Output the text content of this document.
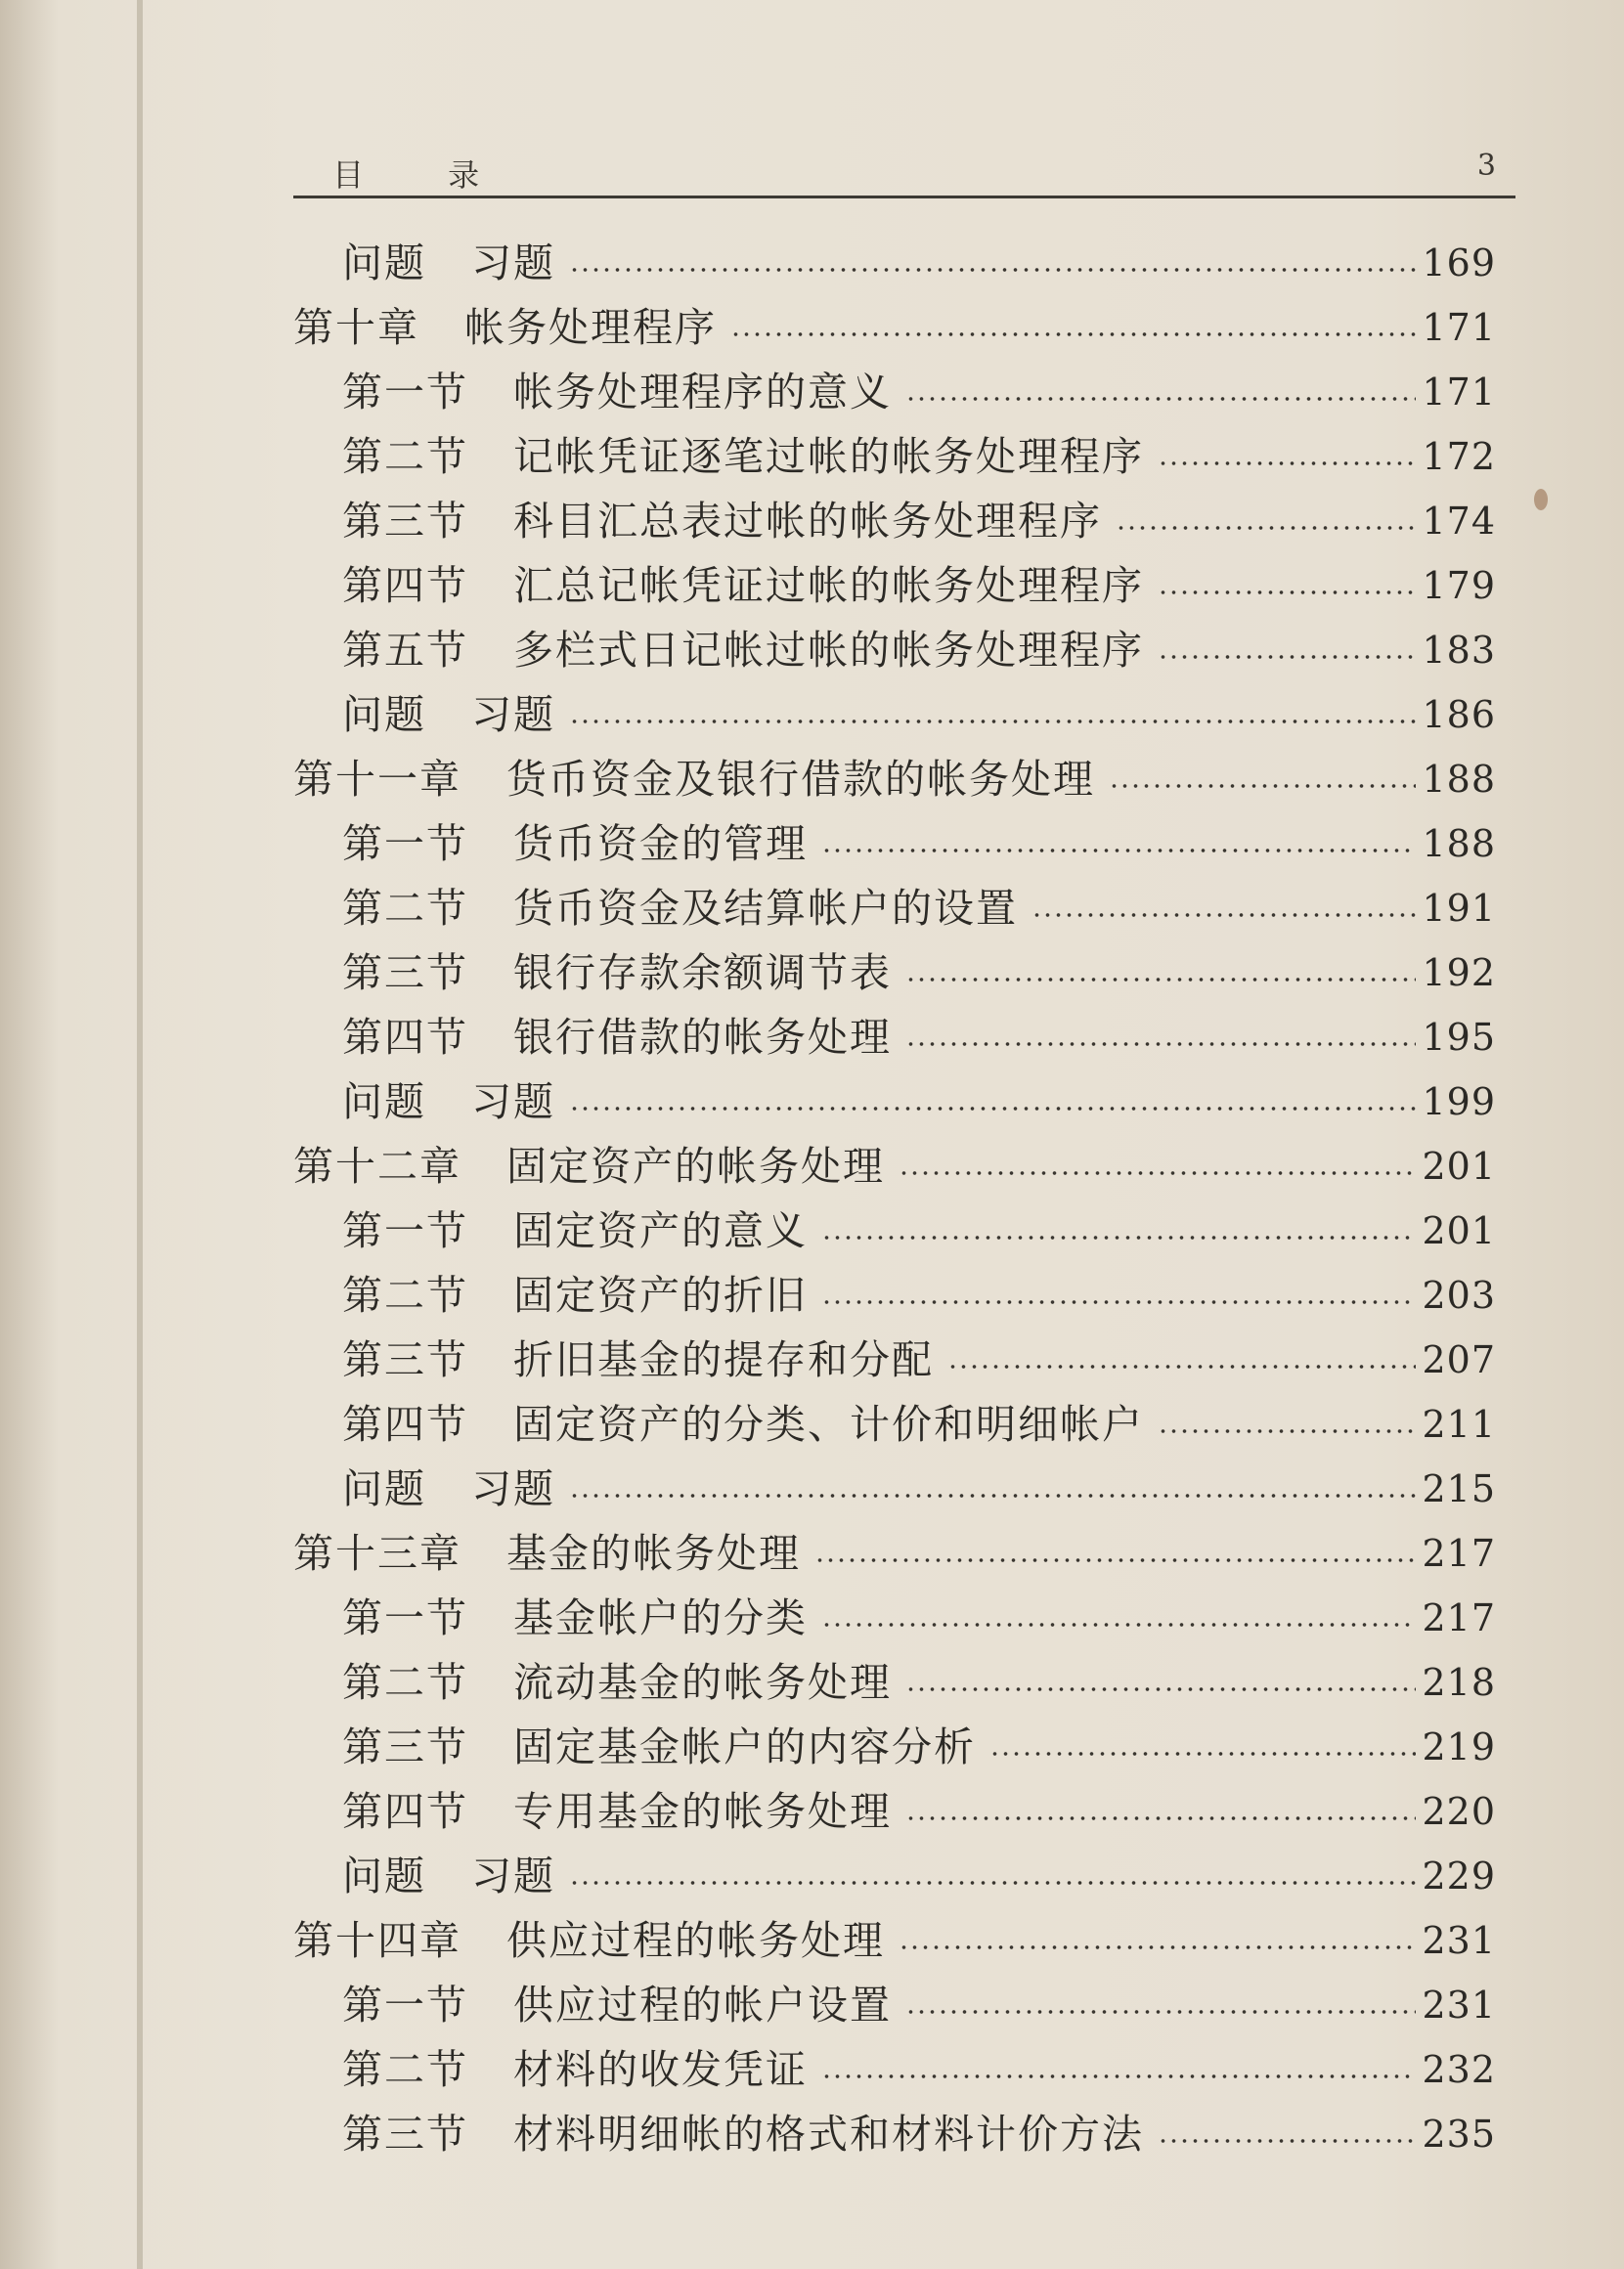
目 录	3
问题 习题	169
第十章 帐务处理程序	171
第一节 帐务处理程序的意义	171
第二节 记帐凭证逐笔过帐的帐务处理程序	172
第三节 科目汇总表过帐的帐务处理程序	174
第四节 汇总记帐凭证过帐的帐务处理程序	179
第五节 多栏式日记帐过帐的帐务处理程序	183
问题 习题	186
第十一章 货币资金及银行借款的帐务处理	188
第一节 货币资金的管理	188
第二节 货币资金及结算帐户的设置	191
第三节 银行存款余额调节表	192
第四节 银行借款的帐务处理	195
问题 习题	199
第十二章 固定资产的帐务处理	201
第一节 固定资产的意义	201
第二节 固定资产的折旧	203
第三节 折旧基金的提存和分配	207
第四节 固定资产的分类、计价和明细帐户	211
问题 习题	215
第十三章 基金的帐务处理	217
第一节 基金帐户的分类	217
第二节 流动基金的帐务处理	218
第三节 固定基金帐户的内容分析	219
第四节 专用基金的帐务处理	220
问题 习题	229
第十四章 供应过程的帐务处理	231
第一节 供应过程的帐户设置	231
第二节 材料的收发凭证	232
第三节 材料明细帐的格式和材料计价方法	235
